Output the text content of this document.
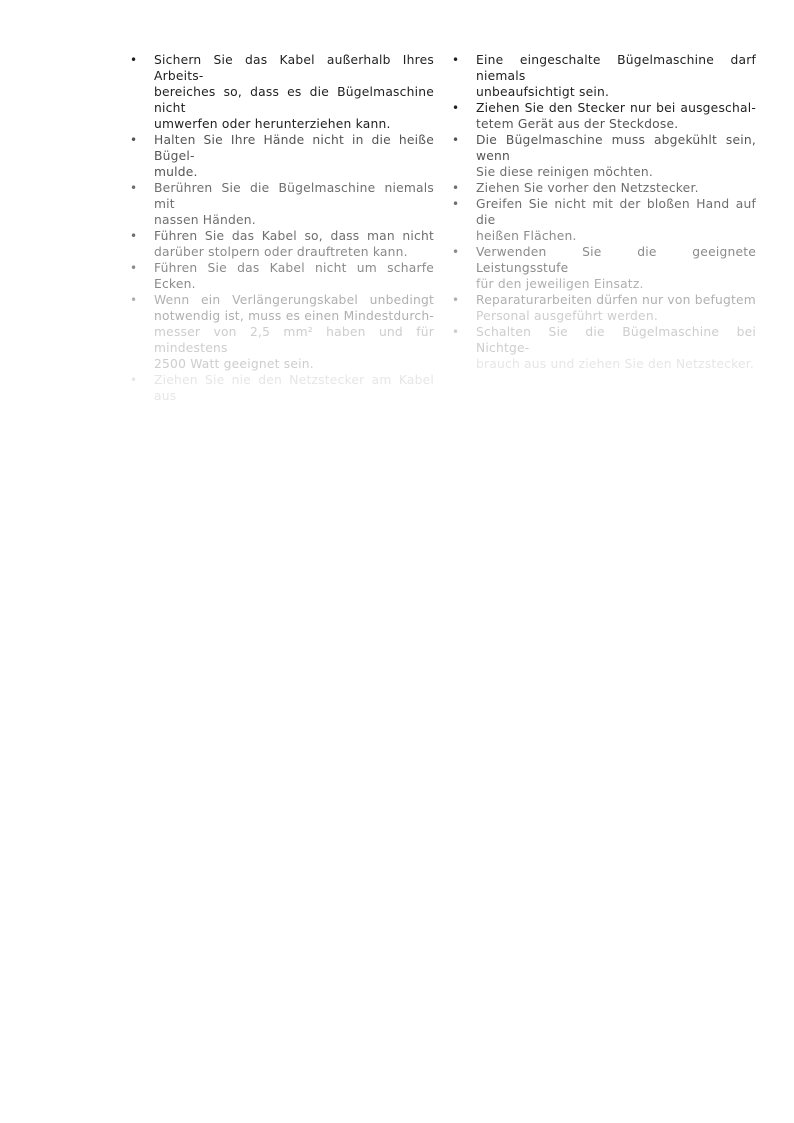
•	Sichern Sie das Kabel außerhalb Ihres Arbeits-
bereiches so, dass es die Bügelmaschine nicht
umwerfen oder herunterziehen kann.
•	Halten Sie Ihre Hände nicht in die heiße Bügel-
mulde.
•	Berühren Sie die Bügelmaschine niemals mit
nassen Händen.
•	Führen Sie das Kabel so, dass man nicht
darüber stolpern oder drauftreten kann.
•	Führen Sie das Kabel nicht um scharfe Ecken.
•	Wenn ein Verlängerungskabel unbedingt
notwendig ist, muss es einen Mindestdurch-
messer von 2,5 mm² haben und für mindestens
2500 Watt geeignet sein.
•	Ziehen Sie nie den Netzstecker am Kabel aus
•	Eine eingeschalte Bügelmaschine darf niemals
unbeaufsichtigt sein.
•	Ziehen Sie den Stecker nur bei ausgeschal-
tetem Gerät aus der Steckdose.
•	Die Bügelmaschine muss abgekühlt sein, wenn
Sie diese reinigen möchten.
•	Ziehen Sie vorher den Netzstecker.
•	Greifen Sie nicht mit der bloßen Hand auf die
heißen Flächen.
•	Verwenden Sie die geeignete Leistungsstufe
für den jeweiligen Einsatz.
•	Reparaturarbeiten dürfen nur von befugtem
Personal ausgeführt werden.
•	Schalten Sie die Bügelmaschine bei Nichtge-
brauch aus und ziehen Sie den Netzstecker.
